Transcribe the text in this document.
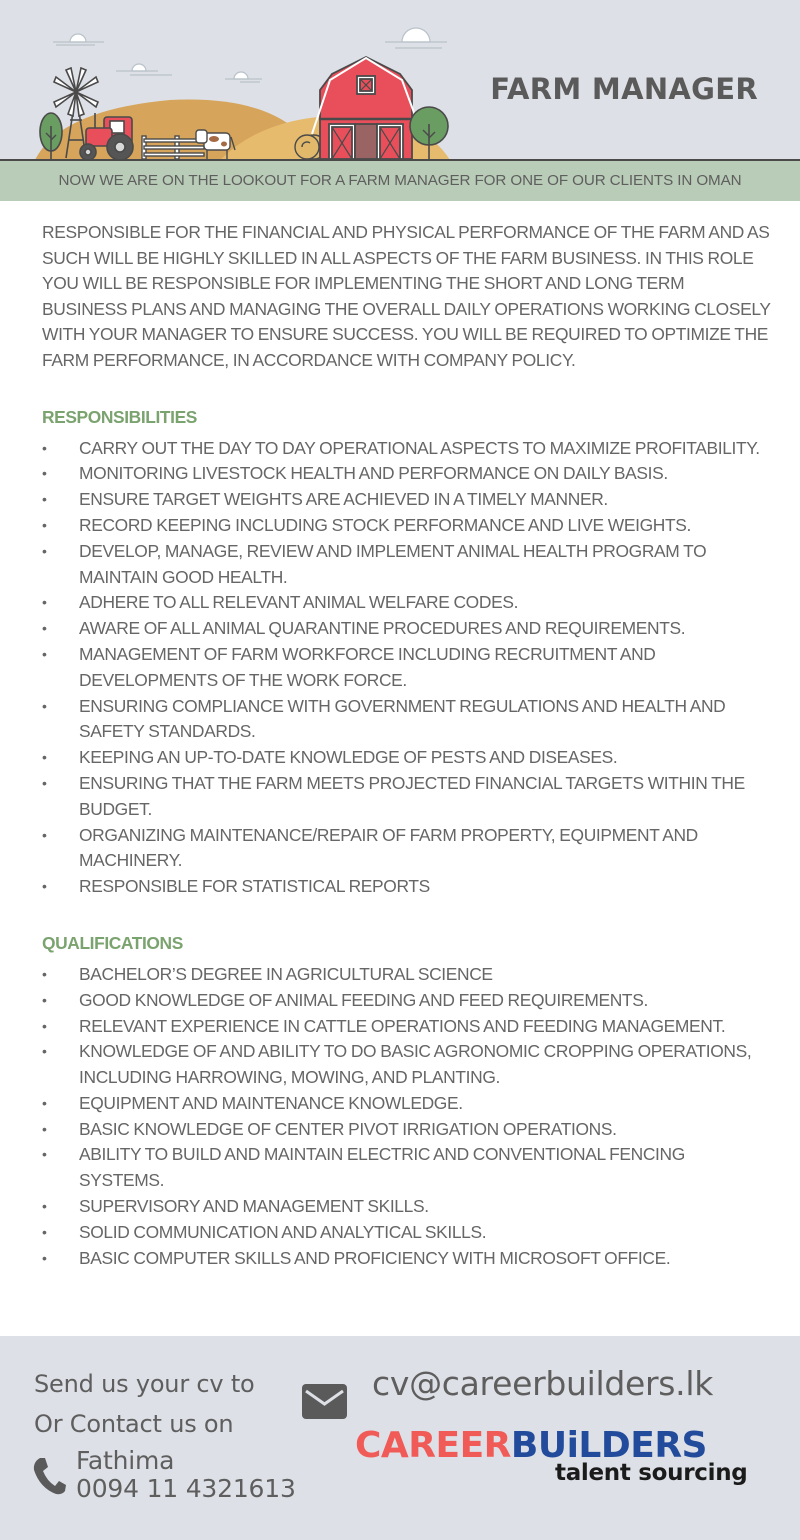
FARM MANAGER
NOW WE ARE ON THE LOOKOUT FOR A FARM MANAGER FOR ONE OF OUR CLIENTS IN OMAN

RESPONSIBLE FOR THE FINANCIAL AND PHYSICAL PERFORMANCE OF THE FARM AND AS SUCH WILL BE HIGHLY SKILLED IN ALL ASPECTS OF THE FARM BUSINESS. IN THIS ROLE YOU WILL BE RESPONSIBLE FOR IMPLEMENTING THE SHORT AND LONG TERM BUSINESS PLANS AND MANAGING THE OVERALL DAILY OPERATIONS WORKING CLOSELY WITH YOUR MANAGER TO ENSURE SUCCESS. YOU WILL BE REQUIRED TO OPTIMIZE THE FARM PERFORMANCE, IN ACCORDANCE WITH COMPANY POLICY.

RESPONSIBILITIES
• CARRY OUT THE DAY TO DAY OPERATIONAL ASPECTS TO MAXIMIZE PROFITABILITY.
• MONITORING LIVESTOCK HEALTH AND PERFORMANCE ON DAILY BASIS.
• ENSURE TARGET WEIGHTS ARE ACHIEVED IN A TIMELY MANNER.
• RECORD KEEPING INCLUDING STOCK PERFORMANCE AND LIVE WEIGHTS.
• DEVELOP, MANAGE, REVIEW AND IMPLEMENT ANIMAL HEALTH PROGRAM TO MAINTAIN GOOD HEALTH.
• ADHERE TO ALL RELEVANT ANIMAL WELFARE CODES.
• AWARE OF ALL ANIMAL QUARANTINE PROCEDURES AND REQUIREMENTS.
• MANAGEMENT OF FARM WORKFORCE INCLUDING RECRUITMENT AND DEVELOPMENTS OF THE WORK FORCE.
• ENSURING COMPLIANCE WITH GOVERNMENT REGULATIONS AND HEALTH AND SAFETY STANDARDS.
• KEEPING AN UP-TO-DATE KNOWLEDGE OF PESTS AND DISEASES.
• ENSURING THAT THE FARM MEETS PROJECTED FINANCIAL TARGETS WITHIN THE BUDGET.
• ORGANIZING MAINTENANCE/REPAIR OF FARM PROPERTY, EQUIPMENT AND MACHINERY.
• RESPONSIBLE FOR STATISTICAL REPORTS
QUALIFICATIONS
• BACHELOR’S DEGREE IN AGRICULTURAL SCIENCE
• GOOD KNOWLEDGE OF ANIMAL FEEDING AND FEED REQUIREMENTS.
• RELEVANT EXPERIENCE IN CATTLE OPERATIONS AND FEEDING MANAGEMENT.
• KNOWLEDGE OF AND ABILITY TO DO BASIC AGRONOMIC CROPPING OPERATIONS, INCLUDING HARROWING, MOWING, AND PLANTING.
• EQUIPMENT AND MAINTENANCE KNOWLEDGE.
• BASIC KNOWLEDGE OF CENTER PIVOT IRRIGATION OPERATIONS.
• ABILITY TO BUILD AND MAINTAIN ELECTRIC AND CONVENTIONAL FENCING SYSTEMS.
• SUPERVISORY AND MANAGEMENT SKILLS.
• SOLID COMMUNICATION AND ANALYTICAL SKILLS.
• BASIC COMPUTER SKILLS AND PROFICIENCY WITH MICROSOFT OFFICE.
Send us your cv to	cv@careerbuilders.lk
Or Contact us on
Fathima
0094 11 4321613
CAREERBUiLDERS
talent sourcing
